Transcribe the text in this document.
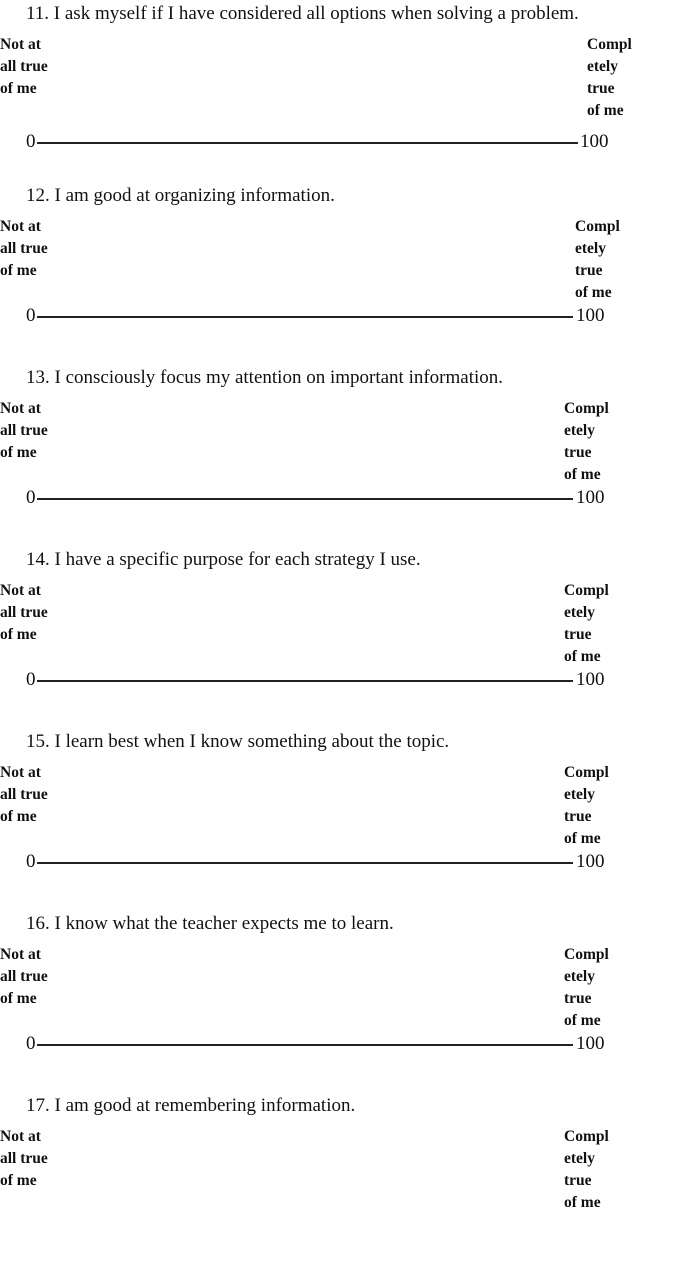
11. I ask myself if I have considered all options when solving a problem.
Not at
all true
of me
Compl
etely
true
of me
0	100
12. I am good at organizing information.
Not at
all true
of me
Compl
etely
true
of me
0	100
13. I consciously focus my attention on important information.
Not at
all true
of me
Compl
etely
true
of me
0	100
14. I have a specific purpose for each strategy I use.
Not at
all true
of me
Compl
etely
true
of me
0	100
15. I learn best when I know something about the topic.
Not at
all true
of me
Compl
etely
true
of me
0	100
16. I know what the teacher expects me to learn.
Not at
all true
of me
Compl
etely
true
of me
0	100
17. I am good at remembering information.
Not at
all true
of me
Compl
etely
true
of me
